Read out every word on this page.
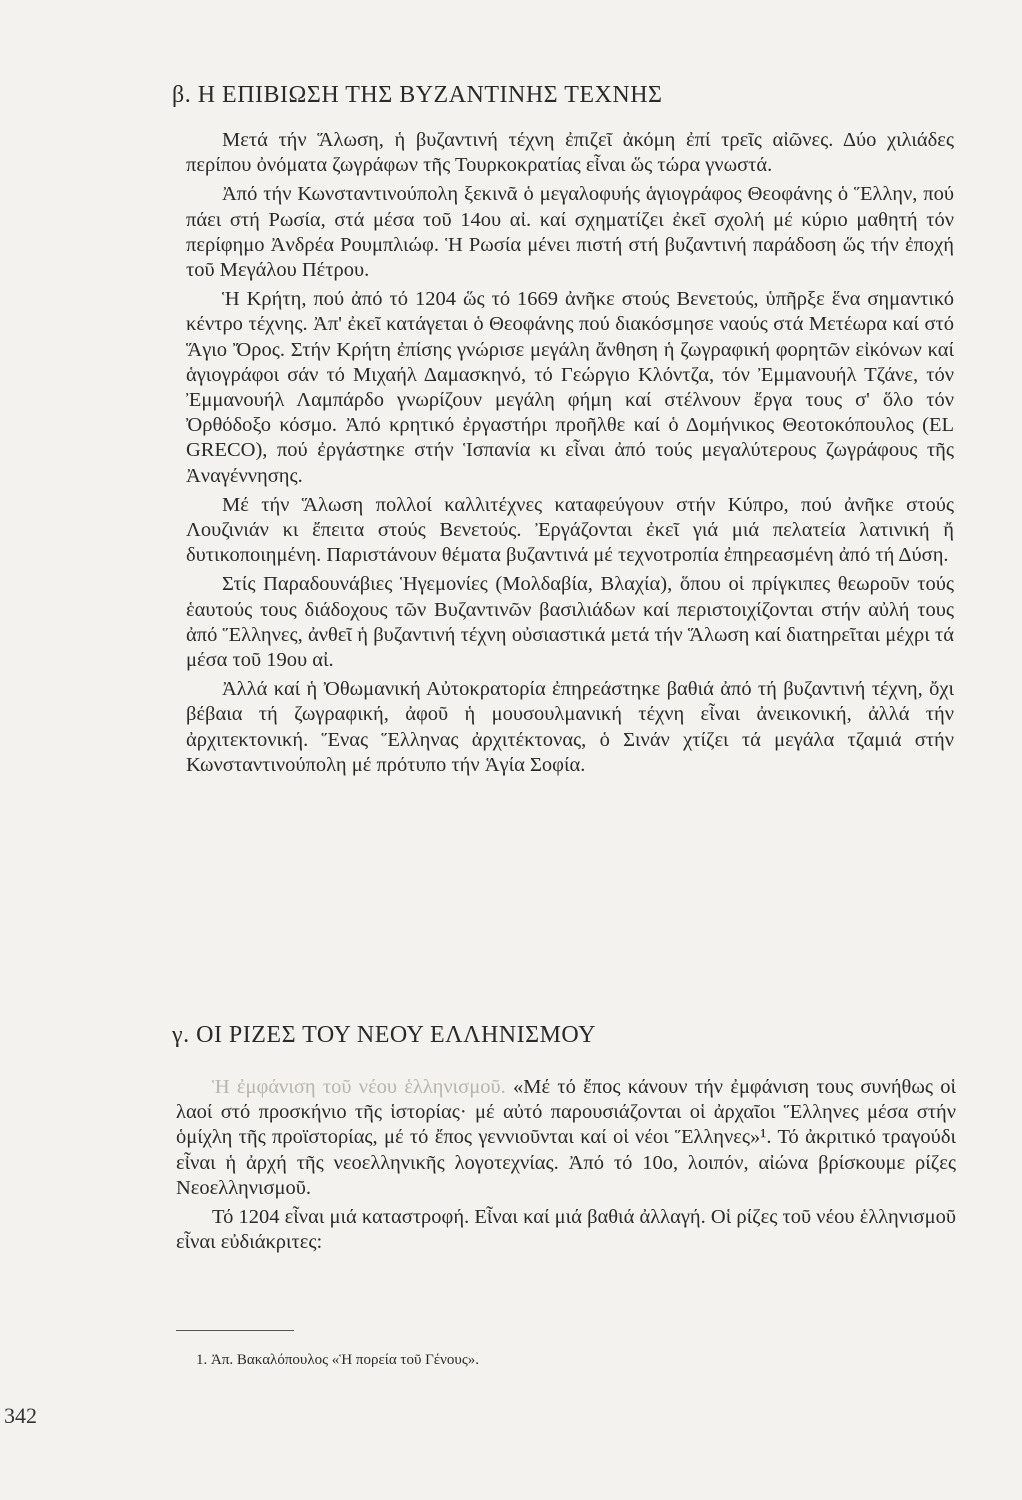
β. Η ΕΠΙΒΙΩΣΗ ΤΗΣ ΒΥΖΑΝΤΙΝΗΣ ΤΕΧΝΗΣ

Μετά τήν Ἅλωση, ἡ βυζαντινή τέχνη ἐπιζεῖ ἀκόμη ἐπί τρεῖς αἰῶνες. Δύο χιλιάδες περίπου ὀνόματα ζωγράφων τῆς Τουρκοκρατίας εἶναι ὥς τώρα γνωστά.

Ἀπό τήν Κωνσταντινούπολη ξεκινᾶ ὁ μεγαλοφυής ἁγιογράφος Θεοφάνης ὁ Ἕλλην, πού πάει στή Ρωσία, στά μέσα τοῦ 14ου αἰ. καί σχηματίζει ἐκεῖ σχολή μέ κύριο μαθητή τόν περίφημο Ἀνδρέα Ρουμπλιώφ. Ἡ Ρωσία μένει πιστή στή βυζαντινή παράδοση ὥς τήν ἐποχή τοῦ Μεγάλου Πέτρου.

Ἡ Κρήτη, πού ἀπό τό 1204 ὥς τό 1669 ἀνῆκε στούς Βενετούς, ὑπῆρξε ἕνα σημαντικό κέντρο τέχνης. Ἀπ' ἐκεῖ κατάγεται ὁ Θεοφάνης πού διακόσμησε ναούς στά Μετέωρα καί στό Ἅγιο Ὄρος. Στήν Κρήτη ἐπίσης γνώρισε μεγάλη ἄνθηση ἡ ζωγραφική φορητῶν εἰκόνων καί ἁγιογράφοι σάν τό Μιχαήλ Δαμασκηνό, τό Γεώργιο Κλόντζα, τόν Ἐμμανουήλ Τζάνε, τόν Ἐμμανουήλ Λαμπάρδο γνωρίζουν μεγάλη φήμη καί στέλνουν ἔργα τους σ' ὅλο τόν Ὀρθόδοξο κόσμο. Ἀπό κρητικό ἐργαστήρι προῆλθε καί ὁ Δομήνικος Θεοτοκόπουλος (EL GRECO), πού ἐργάστηκε στήν Ἱσπανία κι εἶναι ἀπό τούς μεγαλύτερους ζωγράφους τῆς Ἀναγέννησης.

Μέ τήν Ἅλωση πολλοί καλλιτέχνες καταφεύγουν στήν Κύπρο, πού ἀνῆκε στούς Λουζινιάν κι ἔπειτα στούς Βενετούς. Ἐργάζονται ἐκεῖ γιά μιά πελατεία λατινική ἤ δυτικοποιημένη. Παριστάνουν θέματα βυζαντινά μέ τεχνοτροπία ἐπηρεασμένη ἀπό τή Δύση.

Στίς Παραδουνάβιες Ἡγεμονίες (Μολδαβία, Βλαχία), ὅπου οἱ πρίγκιπες θεωροῦν τούς ἑαυτούς τους διάδοχους τῶν Βυζαντινῶν βασιλιάδων καί περιστοιχίζονται στήν αὐλή τους ἀπό Ἕλληνες, ἀνθεῖ ἡ βυζαντινή τέχνη οὐσιαστικά μετά τήν Ἅλωση καί διατηρεῖται μέχρι τά μέσα τοῦ 19ου αἰ.

Ἀλλά καί ἡ Ὀθωμανική Αὐτοκρατορία ἐπηρεάστηκε βαθιά ἀπό τή βυζαντινή τέχνη, ὄχι βέβαια τή ζωγραφική, ἀφοῦ ἡ μουσουλμανική τέχνη εἶναι ἀνεικονική, ἀλλά τήν ἀρχιτεκτονική. Ἕνας Ἕλληνας ἀρχιτέκτονας, ὁ Σινάν χτίζει τά μεγάλα τζαμιά στήν Κωνσταντινούπολη μέ πρότυπο τήν Ἁγία Σοφία.

γ. ΟΙ ΡΙΖΕΣ ΤΟΥ ΝΕΟΥ ΕΛΛΗΝΙΣΜΟΥ

Ἡ ἐμφάνιση τοῦ νέου ἑλληνισμοῦ. «Μέ τό ἔπος κάνουν τήν ἐμφάνιση τους συνήθως οἱ λαοί στό προσκήνιο τῆς ἱστορίας· μέ αὐτό παρουσιάζονται οἱ ἀρχαῖοι Ἕλληνες μέσα στήν ὁμίχλη τῆς προϊστορίας, μέ τό ἔπος γεννιοῦνται καί οἱ νέοι Ἕλληνες»¹. Τό ἀκριτικό τραγούδι εἶναι ἡ ἀρχή τῆς νεοελληνικῆς λογοτεχνίας. Ἀπό τό 10ο, λοιπόν, αἰώνα βρίσκουμε ρίζες Νεοελληνισμοῦ.

Τό 1204 εἶναι μιά καταστροφή. Εἶναι καί μιά βαθιά ἀλλαγή. Οἱ ρίζες τοῦ νέου ἑλληνισμοῦ εἶναι εὐδιάκριτες:

1. Ἀπ. Βακαλόπουλος «Ἡ πορεία τοῦ Γένους».
342
